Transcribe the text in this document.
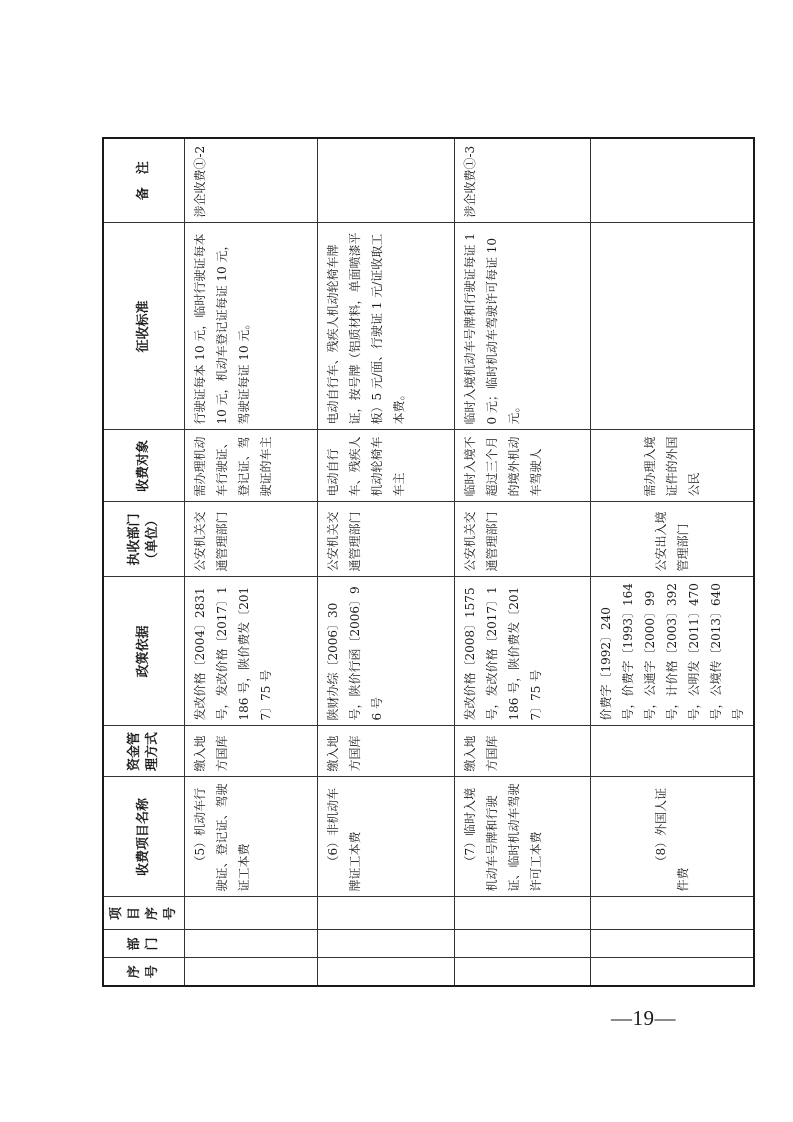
序号	部门	项目序号	收费项目名称	资金管理方式	政策依据	执收部门（单位）	收费对象	征收标准	备　注
			（5）机动车行驶证、登记证、驾驶证工本费	缴入地方国库	发改价格〔2004〕2831 号，发改价格〔2017〕1186 号，陕价费发〔2017〕75 号	公安机关交通管理部门	需办理机动车行驶证、登记证、驾驶证的车主	行驶证每本 10 元，临时行驶证每本 10 元，机动车登记证每证 10 元，驾驶证每证 10 元。	涉企收费①-2
			（6）非机动车牌证工本费	缴入地方国库	陕财办综〔2006〕30 号，陕价行函〔2006〕96 号	公安机关交通管理部门	电动自行车、残疾人机动轮椅车车主	电动自行车、残疾人机动轮椅车牌证，按号牌（铝质材料，单面喷漆平板）5 元/面、行驶证 1 元/证收取工本费。	
			（7）临时入境机动车号牌和行驶证、临时机动车驾驶许可工本费	缴入地方国库	发改价格〔2008〕1575 号，发改价格〔2017〕1186 号，陕价费发〔2017〕75 号	公安机关交通管理部门	临时入境不超过三个月的境外机动车驾驶人	临时入境机动车号牌和行驶证每证 10 元；临时机动车驾驶许可每证 10 元。	涉企收费①-3
			（8）外国人证件费		价费字〔1992〕240 号，价费字〔1993〕164 号，公通字〔2000〕99 号，计价格〔2003〕392 号，公明发〔2011〕470 号，公境传〔2013〕640 号	公安出入境管理部门	需办理入境证件的外国公民		
—19—
